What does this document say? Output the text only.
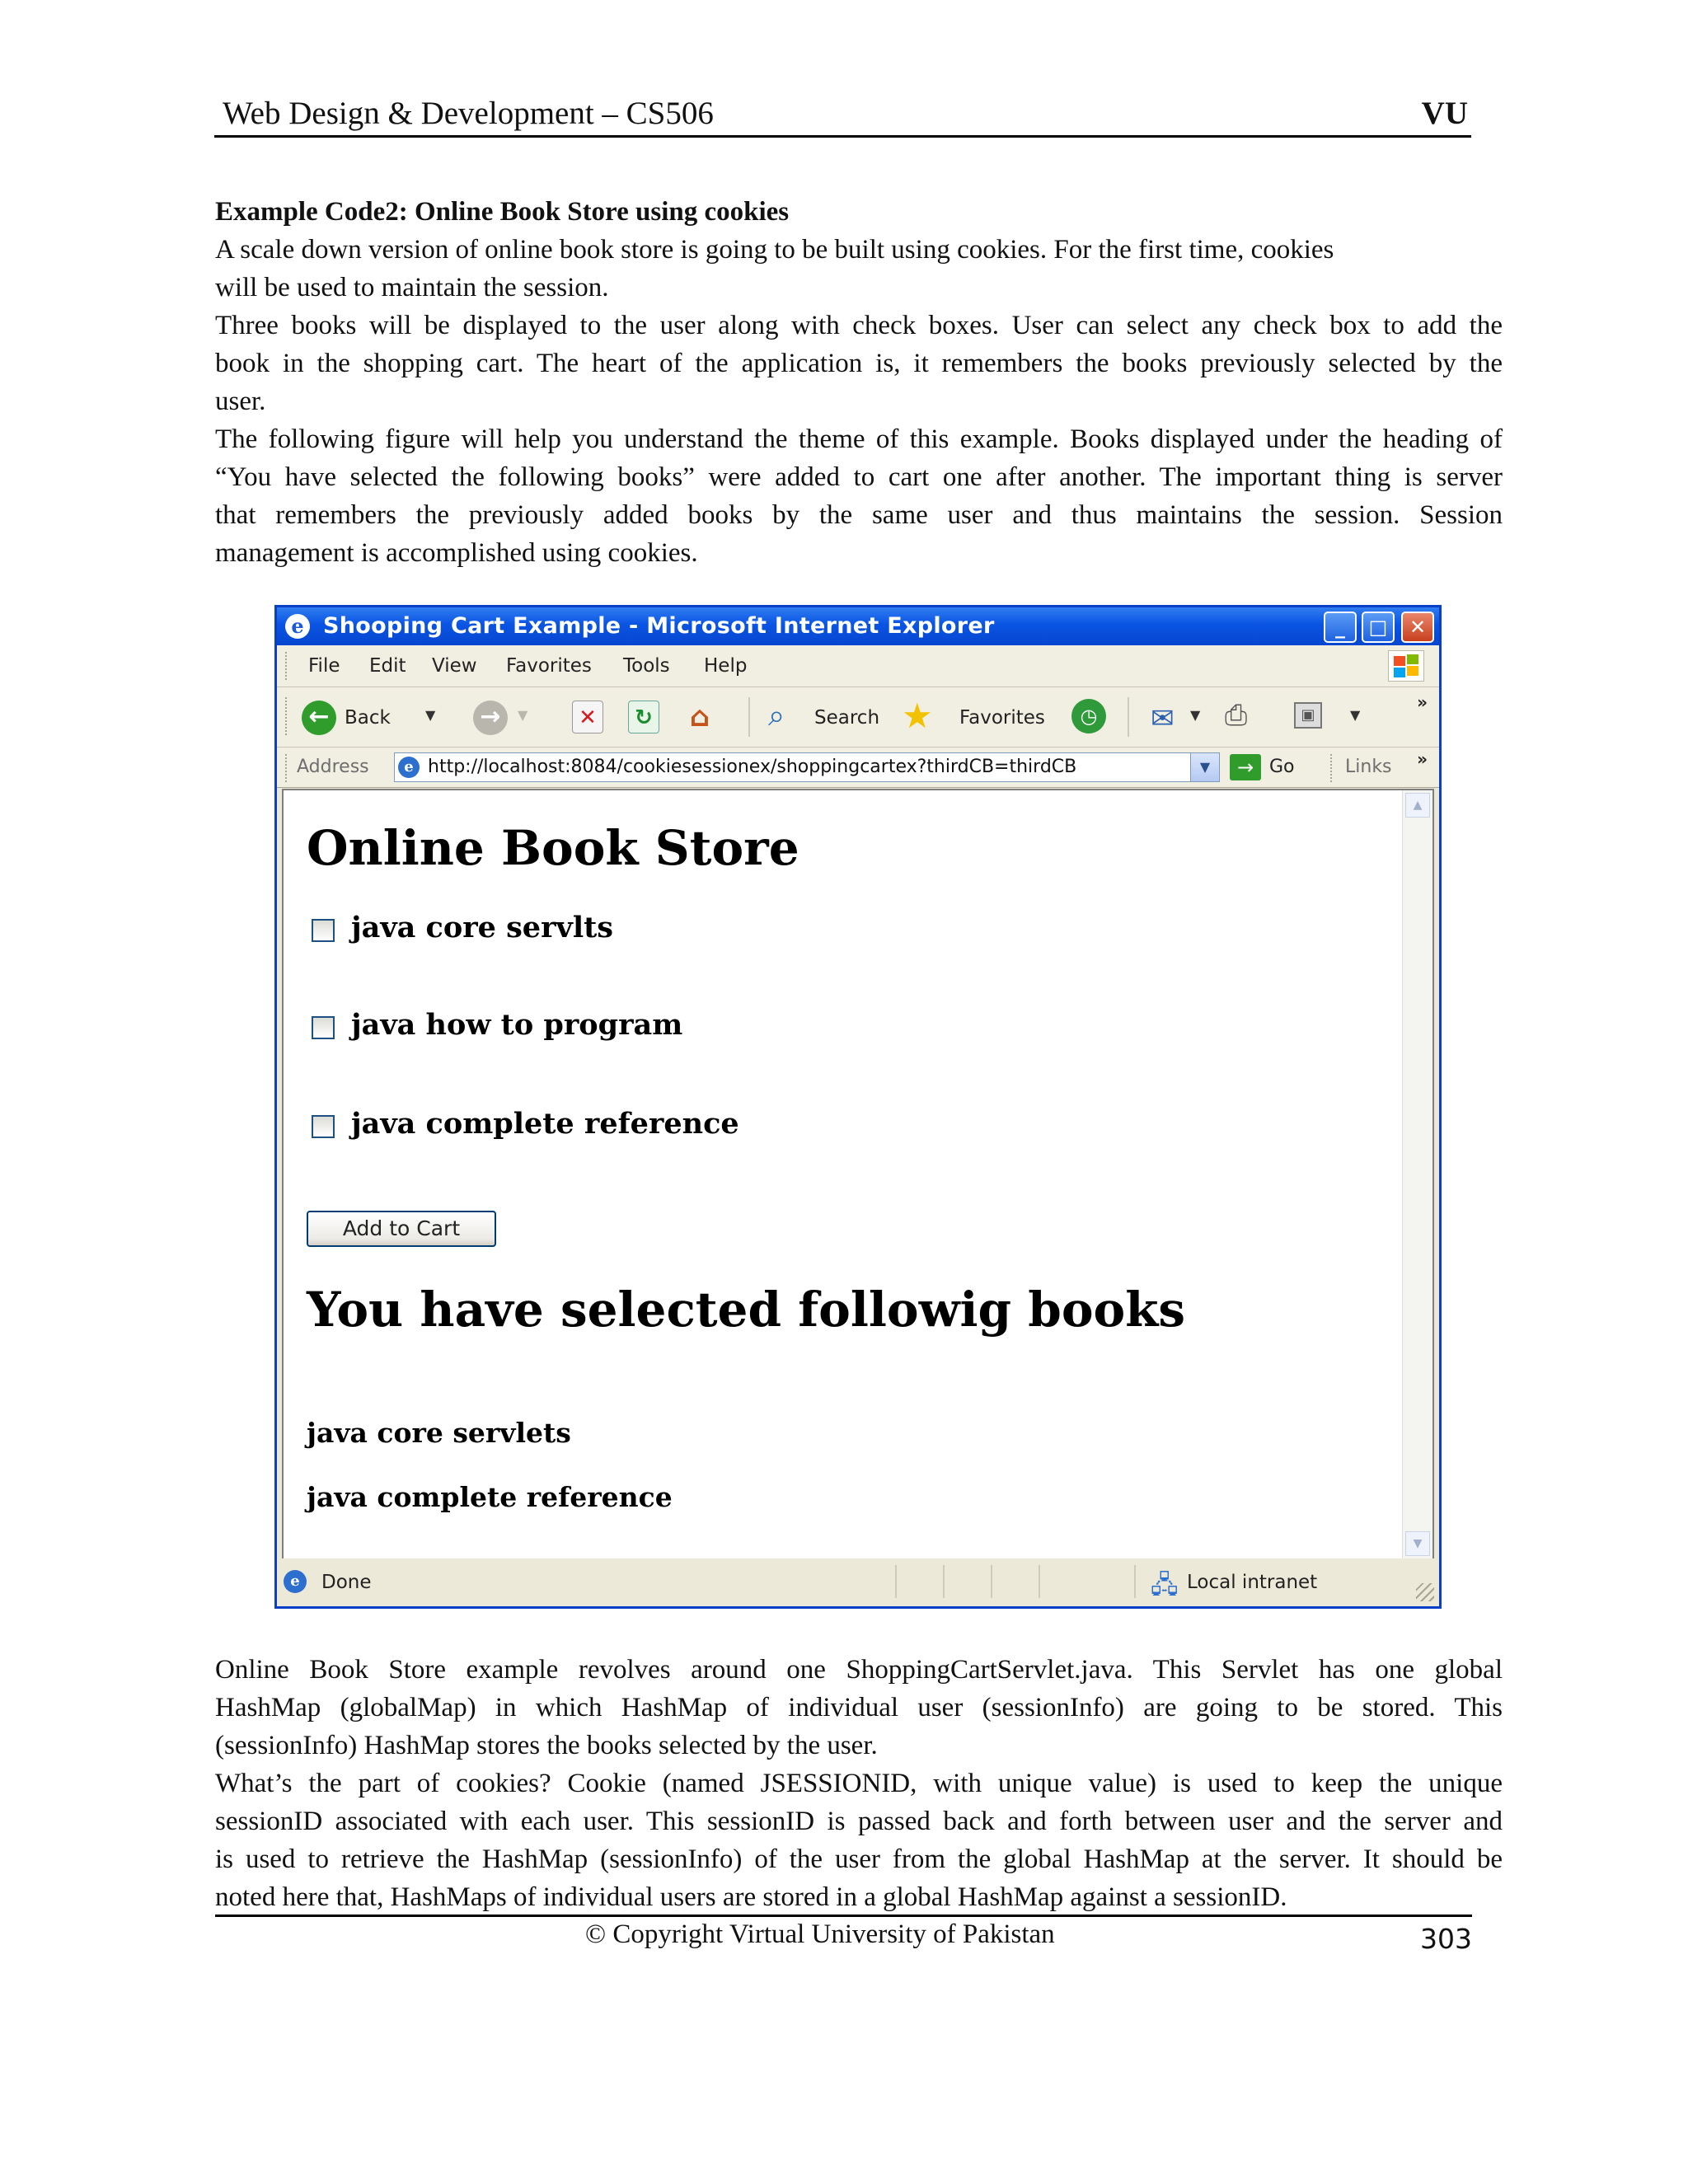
Web Design & Development – CS506	VU

Example Code2: Online Book Store using cookies

A scale down version of online book store is going to be built using cookies. For the first time, cookies

will be used to maintain the session.

Three books will be displayed to the user along with check boxes. User can select any check box to add the

book in the shopping cart. The heart of the application is, it remembers the books previously selected by the

user.

The following figure will help you understand the theme of this example. Books displayed under the heading of

“You have selected the following books” were added to cart one after another. The important thing is server

that remembers the previously added books by the same user and thus maintains the session. Session

management is accomplished using cookies.

e Shooping Cart Example - Microsoft Internet Explorer	_	□	✕
File Edit View Favorites Tools Help
← Back	▼ →	▼	✕	↻ ⌂ ⌕ Search ★ Favorites	◷	✉ ▼ ⎙	▣	▼
»
Address	e http://localhost:8084/cookiesessionex/shoppingcartex?thirdCB=thirdCB	▼	→ Go	Links »
Online Book Store
java core servlts
java how to program
java complete reference
Add to Cart
You have selected followig books
java core servlets
java complete reference
▲
▼
e	Done	🖧 Local intranet

Online Book Store example revolves around one ShoppingCartServlet.java. This Servlet has one global

HashMap (globalMap) in which HashMap of individual user (sessionInfo) are going to be stored. This

(sessionInfo) HashMap stores the books selected by the user.

What’s the part of cookies? Cookie (named JSESSIONID, with unique value) is used to keep the unique

sessionID associated with each user. This sessionID is passed back and forth between user and the server and

is used to retrieve the HashMap (sessionInfo) of the user from the global HashMap at the server. It should be

noted here that, HashMaps of individual users are stored in a global HashMap against a sessionID.

© Copyright Virtual University of Pakistan	303
